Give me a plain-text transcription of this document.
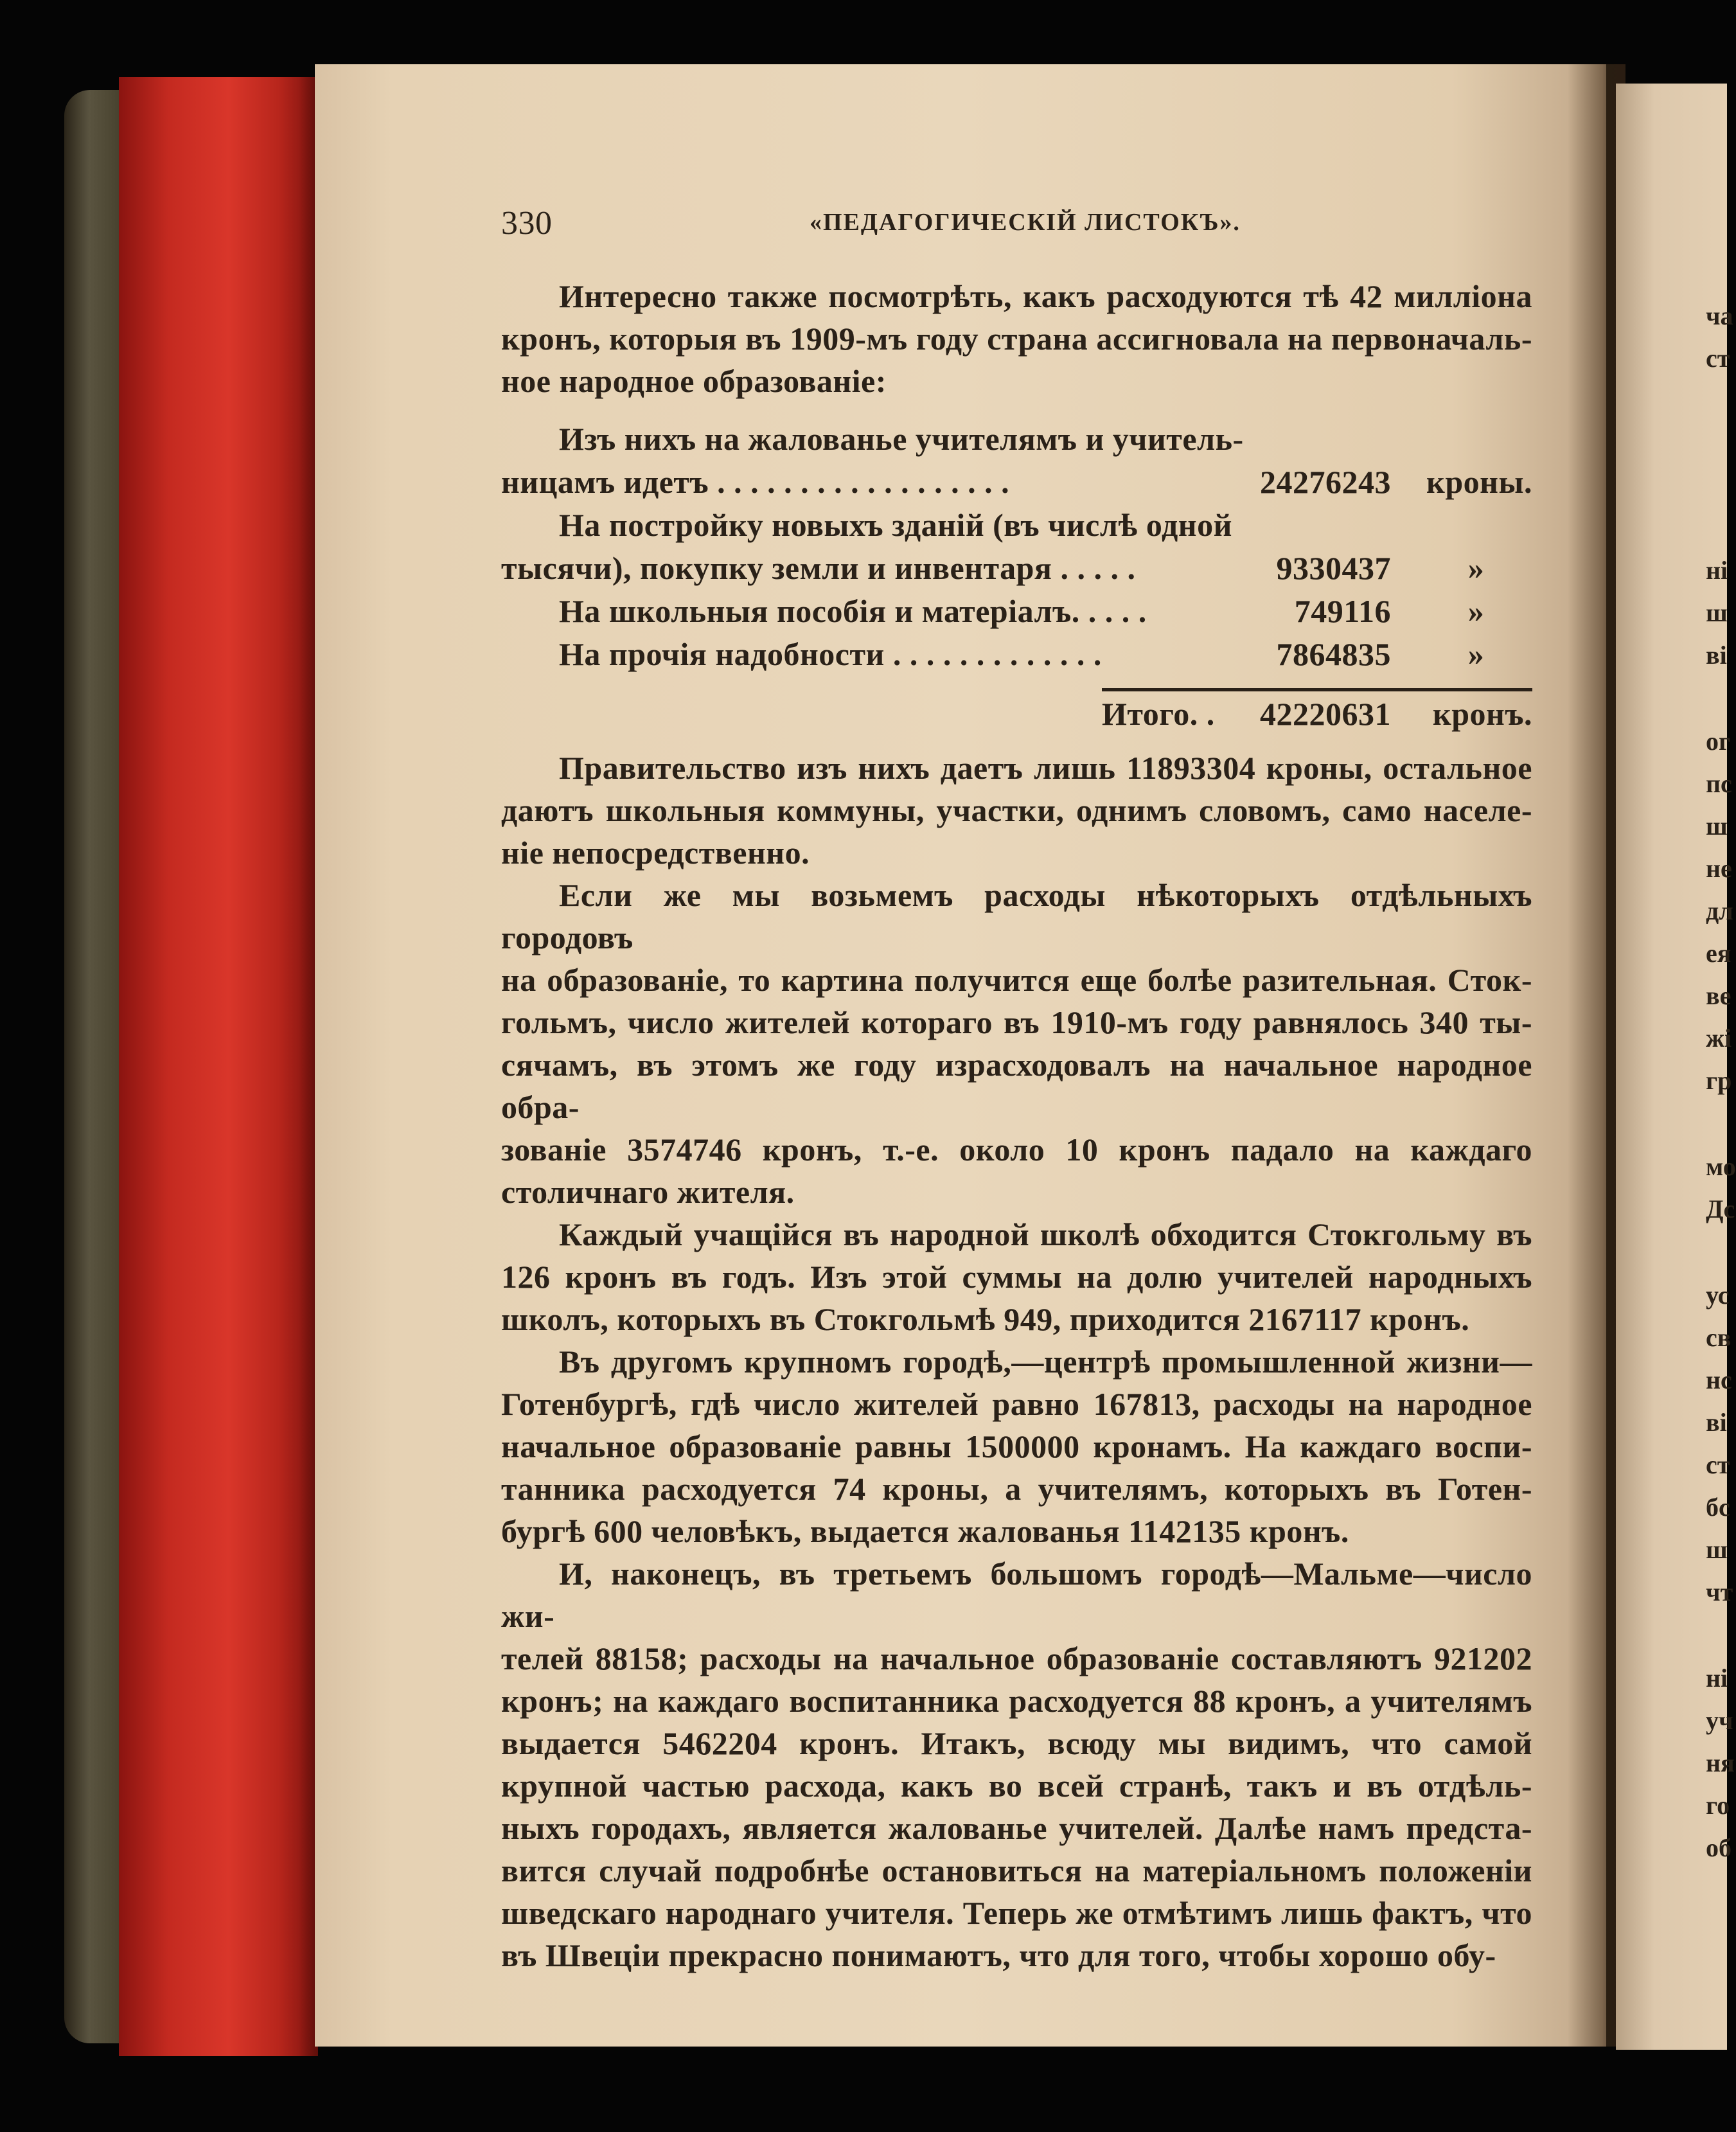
330	«ПЕДАГОГИЧЕСКІЙ ЛИСТОКЪ».

Интересно также посмотрѣть, какъ расходуются тѣ 42 милліона

кронъ, которыя въ 1909-мъ году страна ассигновала на первоначаль-

ное народное образованіе:

Изъ нихъ на жалованье учителямъ и учитель-
ницамъ идетъ . . . . . . . . . . . . . . . . . .	24276243 кроны.
На постройку новыхъ зданій (въ числѣ одной
тысячи), покупку земли и инвентаря . . . . .	9330437	»
На школьныя пособія и матеріалъ. . . . .	749116	»
На прочія надобности . . . . . . . . . . . . .	7864835	»
Итого. . 42220631 кронъ.

Правительство изъ нихъ даетъ лишь 11893304 кроны, остальное

даютъ школьныя коммуны, участки, однимъ словомъ, само населе-

ніе непосредственно.

Если же мы возьмемъ расходы нѣкоторыхъ отдѣльныхъ городовъ

на образованіе, то картина получится еще болѣе разительная. Сток-

гольмъ, число жителей котораго въ 1910-мъ году равнялось 340 ты-

сячамъ, въ этомъ же году израсходовалъ на начальное народное обра-

зованіе 3574746 кронъ, т.-е. около 10 кронъ падало на каждаго

столичнаго жителя.

Каждый учащійся въ народной школѣ обходится Стокгольму въ

126 кронъ въ годъ. Изъ этой суммы на долю учителей народныхъ

школъ, которыхъ въ Стокгольмѣ 949, приходится 2167117 кронъ.

Въ другомъ крупномъ городѣ,—центрѣ промышленной жизни—

Готенбургѣ, гдѣ число жителей равно 167813, расходы на народное

начальное образованіе равны 1500000 кронамъ. На каждаго воспи-

танника расходуется 74 кроны, а учителямъ, которыхъ въ Готен-

бургѣ 600 человѣкъ, выдается жалованья 1142135 кронъ.

И, наконецъ, въ третьемъ большомъ городѣ—Мальме—число жи-

телей 88158; расходы на начальное образованіе составляютъ 921202

кронъ; на каждаго воспитанника расходуется 88 кронъ, а учителямъ

выдается 5462204 кронъ. Итакъ, всюду мы видимъ, что самой

крупной частью расхода, какъ во всей странѣ, такъ и въ отдѣль-

ныхъ городахъ, является жалованье учителей. Далѣе намъ предста-

вится случай подробнѣе остановиться на матеріальномъ положеніи

шведскаго народнаго учителя. Теперь же отмѣтимъ лишь фактъ, что

въ Швеціи прекрасно понимаютъ, что для того, чтобы хорошо обу-

ча
ст
ні
ш
ві
ог
пс
ш
не
дл
ея
ве
жі
гр
мо
Дс
ус
св
нс
ві
ст
бс
ш
чт
ні
уч
ня
го
об
